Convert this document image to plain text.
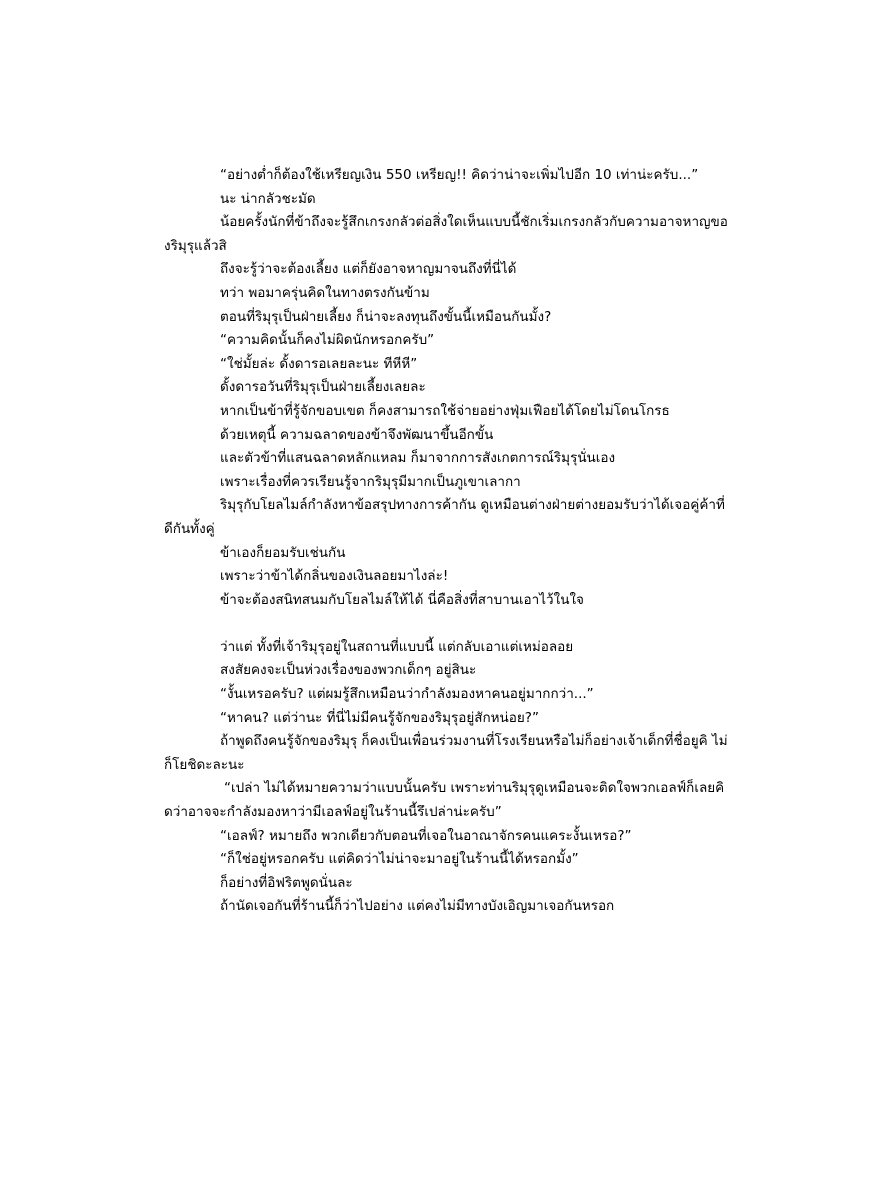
“อย่างต่ำก็ต้องใช้เหรียญเงิน 550 เหรียญ!! คิดว่าน่าจะเพิ่มไปอีก 10 เท่าน่ะครับ...”

นะ น่ากลัวชะมัด

น้อยครั้งนักที่ข้าถึงจะรู้สึกเกรงกลัวต่อสิ่งใดเห็นแบบนี้ชักเริ่มเกรงกลัวกับความอาจหาญของริมุรุแล้วสิ

ถึงจะรู้ว่าจะต้องเลี้ยง แต่ก็ยังอาจหาญมาจนถึงที่นี่ได้

ทว่า พอมาครุ่นคิดในทางตรงกันข้าม

ตอนที่ริมุรุเป็นฝ่ายเลี้ยง ก็น่าจะลงทุนถึงขั้นนี้เหมือนกันมั้ง?

“ความคิดนั้นก็คงไม่ผิดนักหรอกครับ”

“ใช่มั้ยล่ะ ดั้งดารอเลยละนะ ทีหีหี”

ดั้งดารอวันที่ริมุรุเป็นฝ่ายเลี้ยงเลยละ

หากเป็นข้าที่รู้จักขอบเขต ก็คงสามารถใช้จ่ายอย่างฟุ่มเฟือยได้โดยไม่โดนโกรธ

ด้วยเหตุนี้ ความฉลาดของข้าจึงพัฒนาขึ้นอีกขั้น

และตัวข้าที่แสนฉลาดหลักแหลม ก็มาจากการสังเกตการณ์ริมุรุนั่นเอง

เพราะเรื่องที่ควรเรียนรู้จากริมุรุมีมากเป็นภูเขาเลากา

ริมุรุกับโยลไมล์กำลังหาข้อสรุปทางการค้ากัน ดูเหมือนต่างฝ่ายต่างยอมรับว่าได้เจอคู่ค้าที่ดีกันทั้งคู่

ข้าเองก็ยอมรับเช่นกัน

เพราะว่าข้าได้กลิ่นของเงินลอยมาไงล่ะ!

ข้าจะต้องสนิทสนมกับโยลไมล์ให้ได้ นี่คือสิ่งที่สาบานเอาไว้ในใจ

ว่าแต่ ทั้งที่เจ้าริมุรุอยู่ในสถานที่แบบนี้ แต่กลับเอาแต่เหม่อลอย

สงสัยคงจะเป็นห่วงเรื่องของพวกเด็กๆ อยู่สินะ

“งั้นเหรอครับ? แต่ผมรู้สึกเหมือนว่ากำลังมองหาคนอยู่มากกว่า...”

“หาคน? แต่ว่านะ ที่นี่ไม่มีคนรู้จักของริมุรุอยู่สักหน่อย?”

ถ้าพูดถึงคนรู้จักของริมุรุ ก็คงเป็นเพื่อนร่วมงานที่โรงเรียนหรือไม่ก็อย่างเจ้าเด็กที่ชื่อยูคิ ไม่ก็โยชิดะละนะ

“เปล่า ไม่ได้หมายความว่าแบบนั้นครับ เพราะท่านริมุรุดูเหมือนจะติดใจพวกเอลฟ์ก็เลยคิดว่าอาจจะกำลังมองหาว่ามีเอลฟ์อยู่ในร้านนี้รึเปล่าน่ะครับ”

“เอลฟ์? หมายถึง พวกเดียวกับตอนที่เจอในอาณาจักรคนแคระงั้นเหรอ?”

“ก็ใช่อยู่หรอกครับ แต่คิดว่าไม่น่าจะมาอยู่ในร้านนี้ได้หรอกมั้ง”

ก็อย่างที่อิฟริตพูดนั่นละ

ถ้านัดเจอกันที่ร้านนี้ก็ว่าไปอย่าง แต่คงไม่มีทางบังเอิญมาเจอกันหรอก
